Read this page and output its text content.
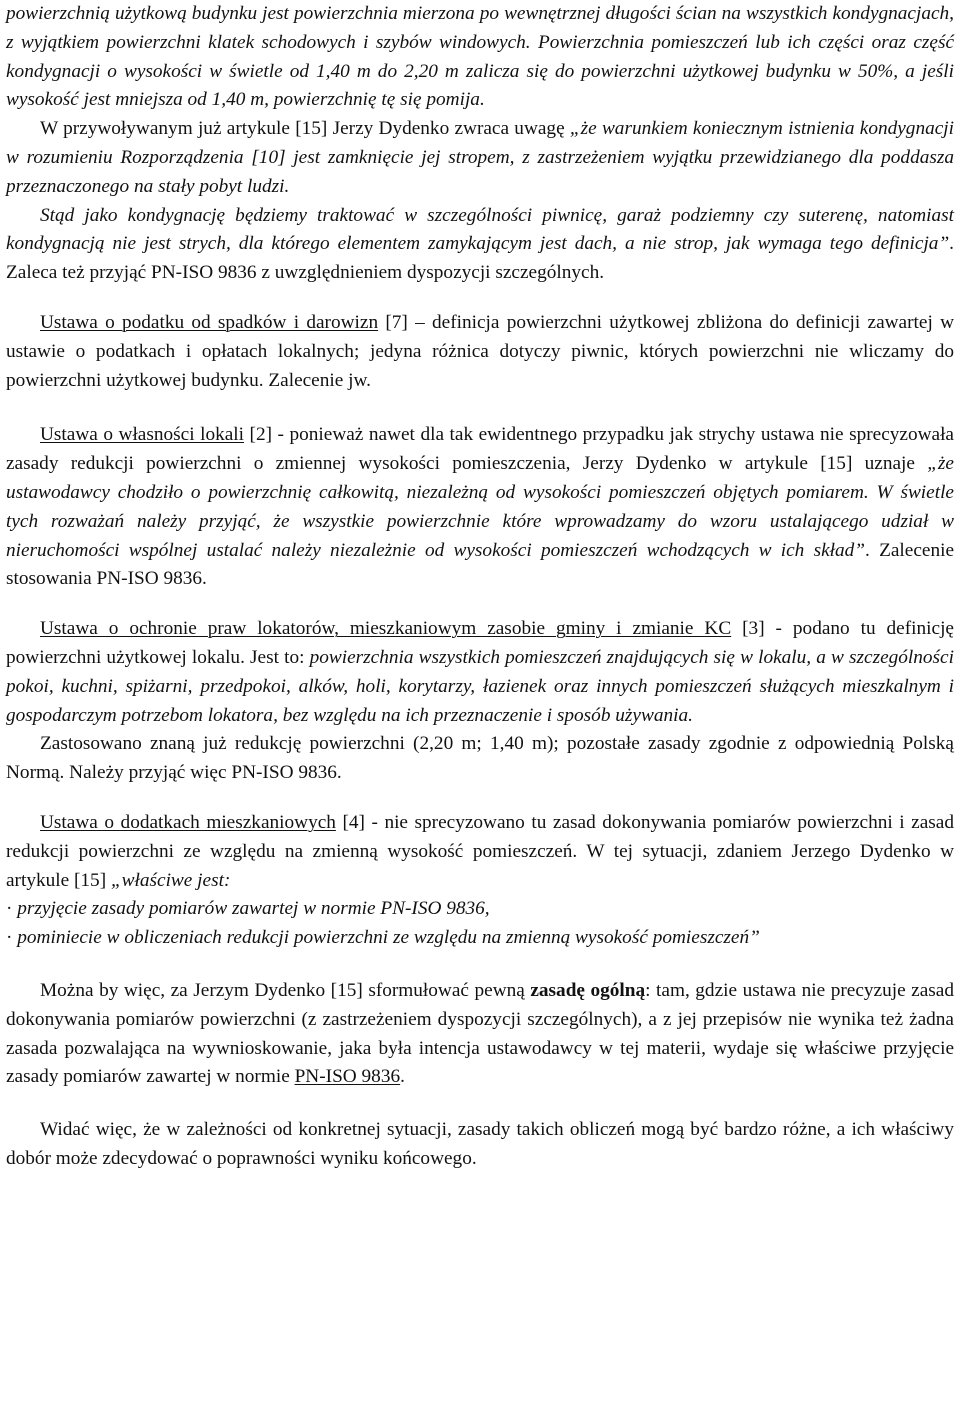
powierzchnią użytkową budynku jest powierzchnia mierzona po wewnętrznej długości ścian na wszystkich kondygnacjach, z wyjątkiem powierzchni klatek schodowych i szybów windowych. Powierzchnia pomieszczeń lub ich części oraz część kondygnacji o wysokości w świetle od 1,40 m do 2,20 m zalicza się do powierzchni użytkowej budynku w 50%, a jeśli wysokość jest mniejsza od 1,40 m, powierzchnię tę się pomija.

W przywoływanym już artykule [15] Jerzy Dydenko zwraca uwagę „że warunkiem koniecznym istnienia kondygnacji w rozumieniu Rozporządzenia [10] jest zamknięcie jej stropem, z zastrzeżeniem wyjątku przewidzianego dla poddasza przeznaczonego na stały pobyt ludzi.

Stąd jako kondygnację będziemy traktować w szczególności piwnicę, garaż podziemny czy suterenę, natomiast kondygnacją nie jest strych, dla którego elementem zamykającym jest dach, a nie strop, jak wymaga tego definicja”. Zaleca też przyjąć PN-ISO 9836 z uwzględnieniem dyspozycji szczególnych.

Ustawa o podatku od spadków i darowizn [7] – definicja powierzchni użytkowej zbliżona do definicji zawartej w ustawie o podatkach i opłatach lokalnych; jedyna różnica dotyczy piwnic, których powierzchni nie wliczamy do powierzchni użytkowej budynku. Zalecenie jw.

Ustawa o własności lokali [2] - ponieważ nawet dla tak ewidentnego przypadku jak strychy ustawa nie sprecyzowała zasady redukcji powierzchni o zmiennej wysokości pomieszczenia, Jerzy Dydenko w artykule [15] uznaje „że ustawodawcy chodziło o powierzchnię całkowitą, niezależną od wysokości pomieszczeń objętych pomiarem. W świetle tych rozważań należy przyjąć, że wszystkie powierzchnie które wprowadzamy do wzoru ustalającego udział w nieruchomości wspólnej ustalać należy niezależnie od wysokości pomieszczeń wchodzących w ich skład”. Zalecenie stosowania PN-ISO 9836.

Ustawa o ochronie praw lokatorów, mieszkaniowym zasobie gminy i zmianie KC [3] - podano tu definicję powierzchni użytkowej lokalu. Jest to: powierzchnia wszystkich pomieszczeń znajdujących się w lokalu, a w szczególności pokoi, kuchni, spiżarni, przedpokoi, alków, holi, korytarzy, łazienek oraz innych pomieszczeń służących mieszkalnym i gospodarczym potrzebom lokatora, bez względu na ich przeznaczenie i sposób używania.

Zastosowano znaną już redukcję powierzchni (2,20 m; 1,40 m); pozostałe zasady zgodnie z odpowiednią Polską Normą. Należy przyjąć więc PN-ISO 9836.

Ustawa o dodatkach mieszkaniowych [4] - nie sprecyzowano tu zasad dokonywania pomiarów powierzchni i zasad redukcji powierzchni ze względu na zmienną wysokość pomieszczeń. W tej sytuacji, zdaniem Jerzego Dydenko w artykule [15] „właściwe jest:

· przyjęcie zasady pomiarów zawartej w normie PN-ISO 9836,
· pominiecie w obliczeniach redukcji powierzchni ze względu na zmienną wysokość pomieszczeń”

Można by więc, za Jerzym Dydenko [15] sformułować pewną zasadę ogólną: tam, gdzie ustawa nie precyzuje zasad dokonywania pomiarów powierzchni (z zastrzeżeniem dyspozycji szczególnych), a z jej przepisów nie wynika też żadna zasada pozwalająca na wywnioskowanie, jaka była intencja ustawodawcy w tej materii, wydaje się właściwe przyjęcie zasady pomiarów zawartej w normie PN-ISO 9836.

Widać więc, że w zależności od konkretnej sytuacji, zasady takich obliczeń mogą być bardzo różne, a ich właściwy dobór może zdecydować o poprawności wyniku końcowego.
